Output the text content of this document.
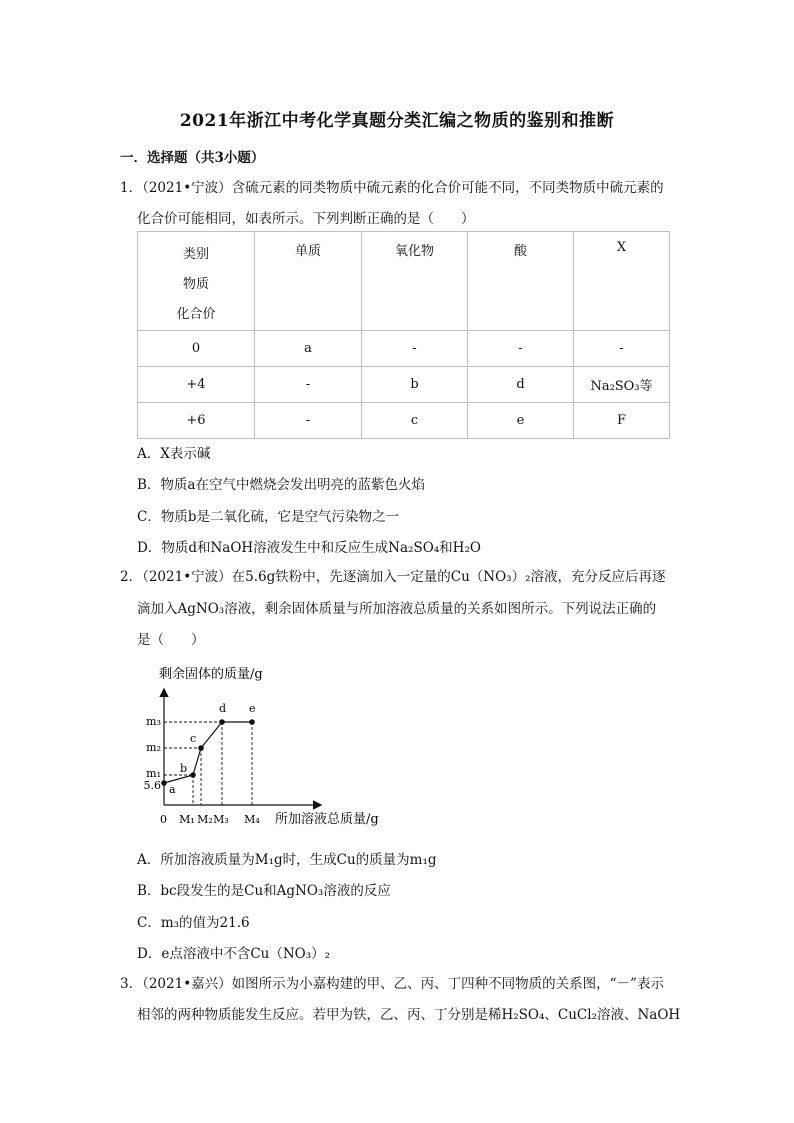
2021年浙江中考化学真题分类汇编之物质的鉴别和推断
一．选择题（共3小题）
1．（2021•宁波）含硫元素的同类物质中硫元素的化合价可能不同，不同类物质中硫元素的
化合价可能相同，如表所示。下列判断正确的是（　　）
类别
物质
化合价	单质	氧化物	酸	X
0	a	-	-	-
+4	-	b	d	Na₂SO₃等
+6	-	c	e	F
A．X表示碱
B．物质a在空气中燃烧会发出明亮的蓝紫色火焰
C．物质b是二氧化硫，它是空气污染物之一
D．物质d和NaOH溶液发生中和反应生成Na₂SO₄和H₂O
2．（2021•宁波）在5.6g铁粉中，先逐滴加入一定量的Cu（NO₃）₂溶液，充分反应后再逐
滴加入AgNO₃溶液，剩余固体质量与所加溶液总质量的关系如图所示。下列说法正确的
是（　　）
剩余固体的质量/g
0	所加溶液总质量/g
a
b
c
d e
5.6
m₁
m₂
m₃
M₁ M₂ M₃ M₄
A．所加溶液质量为M₁g时，生成Cu的质量为m₁g
B．bc段发生的是Cu和AgNO₃溶液的反应
C．m₃的值为21.6
D．e点溶液中不含Cu（NO₃）₂
3．（2021•嘉兴）如图所示为小嘉构建的甲、乙、丙、丁四种不同物质的关系图，“－”表示
相邻的两种物质能发生反应。若甲为铁，乙、丙、丁分别是稀H₂SO₄、CuCl₂溶液、NaOH
